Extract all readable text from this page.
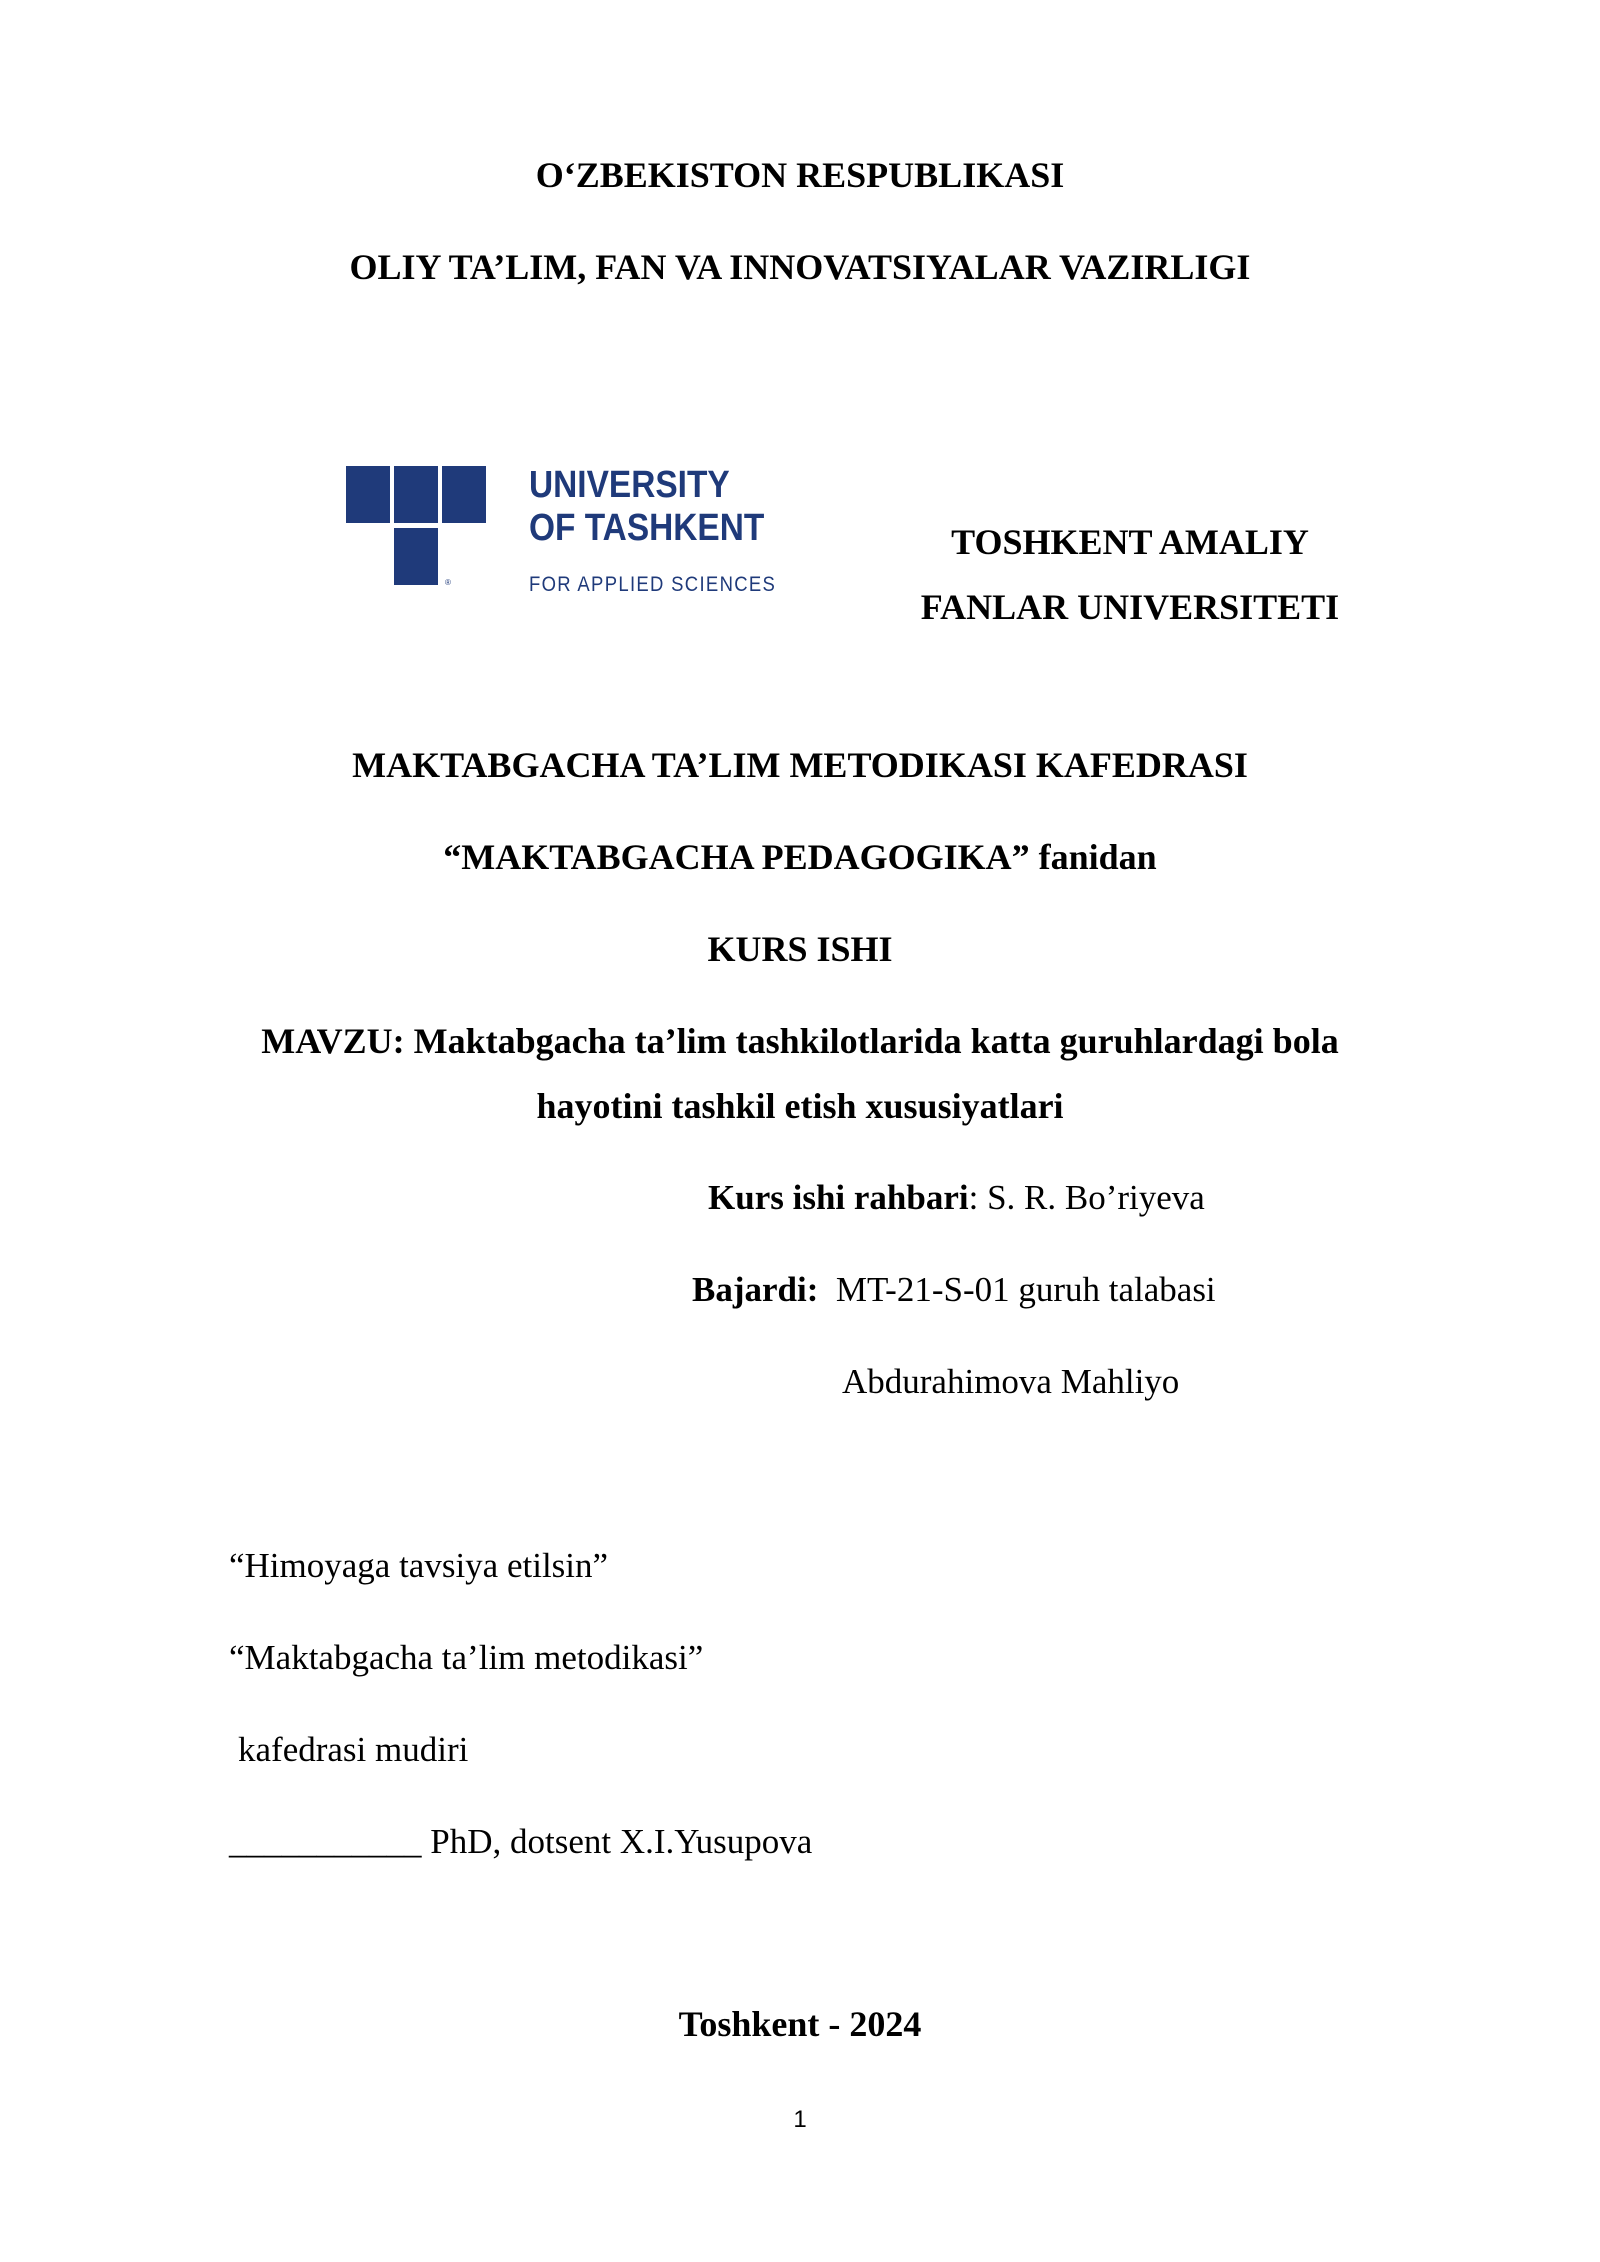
O‘ZBEKISTON RESPUBLIKASI
OLIY TA’LIM, FAN VA INNOVATSIYALAR VAZIRLIGI
®
UNIVERSITY
OF TASHKENT
FOR APPLIED SCIENCES
TOSHKENT AMALIY
FANLAR UNIVERSITETI
MAKTABGACHA TA’LIM METODIKASI KAFEDRASI
“MAKTABGACHA PEDAGOGIKA” fanidan
KURS ISHI
MAVZU: Maktabgacha ta’lim tashkilotlarida katta guruhlardagi bola
hayotini tashkil etish xususiyatlari
Kurs ishi rahbari: S. R. Bo’riyeva
Bajardi: MT-21-S-01 guruh talabasi
Abdurahimova Mahliyo
“Himoyaga tavsiya etilsin”
“Maktabgacha ta’lim metodikasi”
kafedrasi mudiri
___________ PhD, dotsent X.I.Yusupova
Toshkent - 2024
1
